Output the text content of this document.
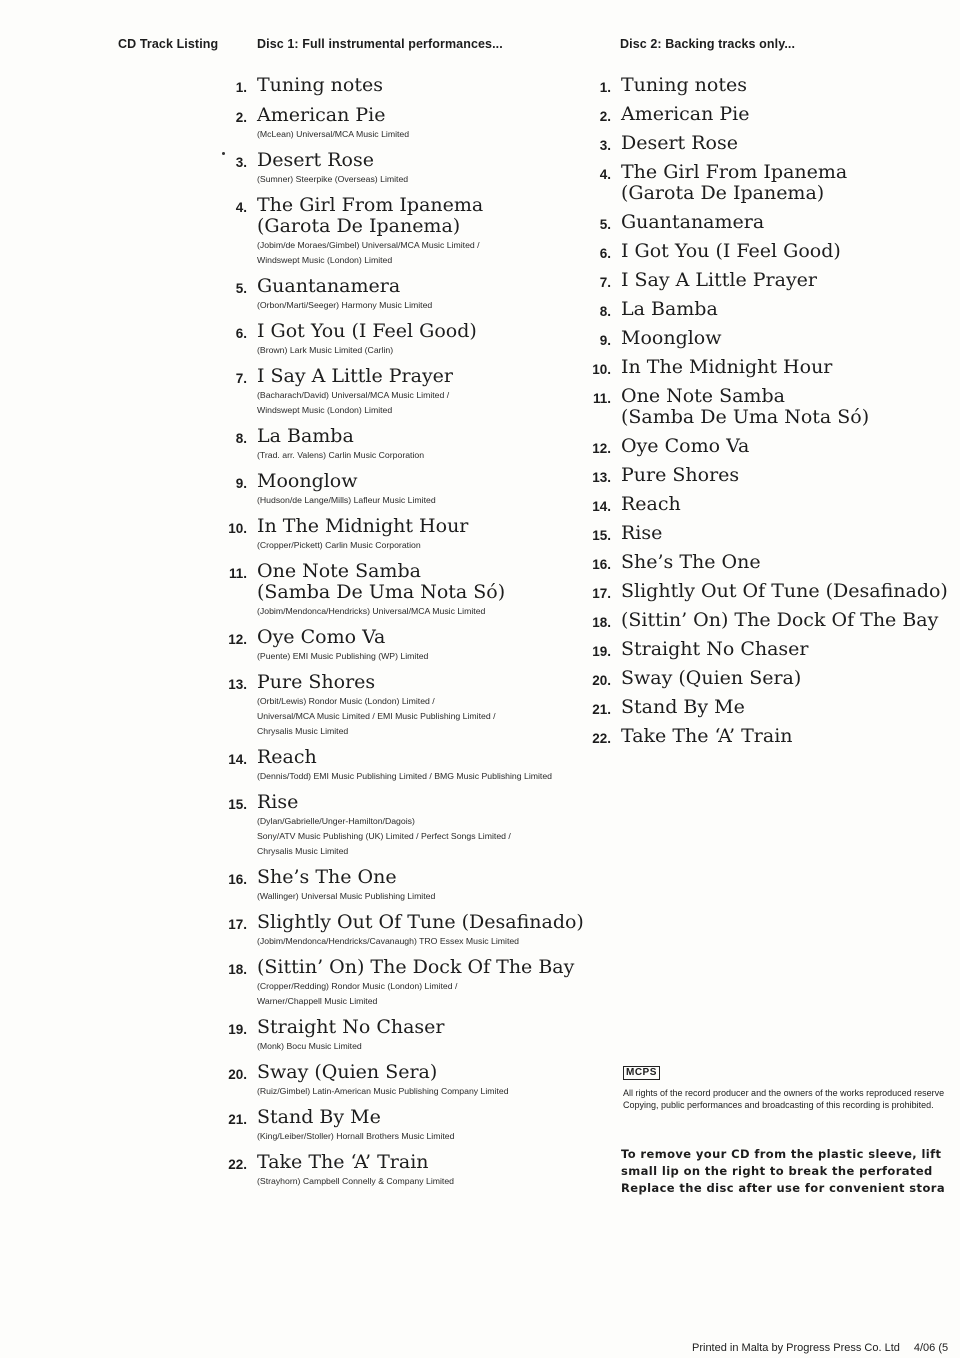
CD Track Listing	Disc 1: Full instrumental performances...	Disc 2: Backing tracks only...
1. Tuning notes
2. American Pie
(McLean) Universal/MCA Music Limited
3. Desert Rose
(Sumner) Steerpike (Overseas) Limited
4. The Girl From Ipanema
(Garota De Ipanema)
(Jobim/de Moraes/Gimbel) Universal/MCA Music Limited /
Windswept Music (London) Limited
5. Guantanamera
(Orbon/Marti/Seeger) Harmony Music Limited
6. I Got You (I Feel Good)
(Brown) Lark Music Limited (Carlin)
7. I Say A Little Prayer
(Bacharach/David) Universal/MCA Music Limited /
Windswept Music (London) Limited
8. La Bamba
(Trad. arr. Valens) Carlin Music Corporation
9. Moonglow
(Hudson/de Lange/Mills) Lafleur Music Limited
10. In The Midnight Hour
(Cropper/Pickett) Carlin Music Corporation
11. One Note Samba
(Samba De Uma Nota Só)
(Jobim/Mendonca/Hendricks) Universal/MCA Music Limited
12. Oye Como Va
(Puente) EMI Music Publishing (WP) Limited
13. Pure Shores
(Orbit/Lewis) Rondor Music (London) Limited /
Universal/MCA Music Limited / EMI Music Publishing Limited /
Chrysalis Music Limited
14. Reach
(Dennis/Todd) EMI Music Publishing Limited / BMG Music Publishing Limited
15. Rise
(Dylan/Gabrielle/Unger-Hamilton/Dagois)
Sony/ATV Music Publishing (UK) Limited / Perfect Songs Limited /
Chrysalis Music Limited
16. She’s The One
(Wallinger) Universal Music Publishing Limited
17. Slightly Out Of Tune (Desafinado)
(Jobim/Mendonca/Hendricks/Cavanaugh) TRO Essex Music Limited
18. (Sittin’ On) The Dock Of The Bay
(Cropper/Redding) Rondor Music (London) Limited /
Warner/Chappell Music Limited
19. Straight No Chaser
(Monk) Bocu Music Limited
20. Sway (Quien Sera)
(Ruiz/Gimbel) Latin-American Music Publishing Company Limited
21. Stand By Me
(King/Leiber/Stoller) Hornall Brothers Music Limited
22. Take The ‘A’ Train
(Strayhorn) Campbell Connelly & Company Limited
1. Tuning notes
2. American Pie
3. Desert Rose
4. The Girl From Ipanema
(Garota De Ipanema)
5. Guantanamera
6. I Got You (I Feel Good)
7. I Say A Little Prayer
8. La Bamba
9. Moonglow
10. In The Midnight Hour
11. One Note Samba
(Samba De Uma Nota Só)
12. Oye Como Va
13. Pure Shores
14. Reach
15. Rise
16. She’s The One
17. Slightly Out Of Tune (Desafinado)
18. (Sittin’ On) The Dock Of The Bay
19. Straight No Chaser
20. Sway (Quien Sera)
21. Stand By Me
22. Take The ‘A’ Train
MCPS
All rights of the record producer and the owners of the works reproduced reserve
Copying, public performances and broadcasting of this recording is prohibited.
To remove your CD from the plastic sleeve, lift
small lip on the right to break the perforated
Replace the disc after use for convenient stora
Printed in Malta by Progress Press Co. Ltd 4/06 (5
